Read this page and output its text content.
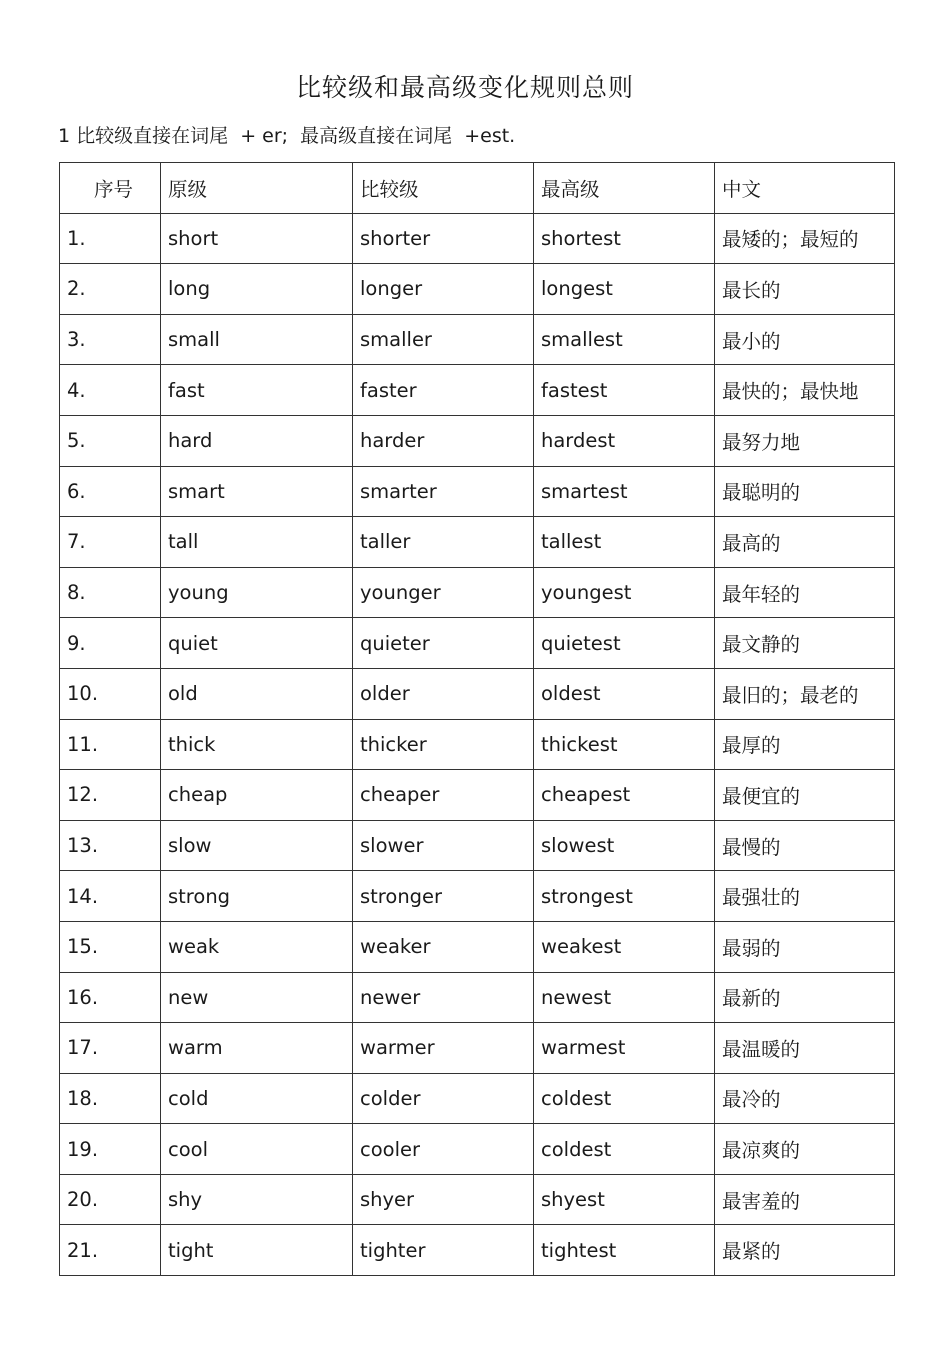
比较级和最高级变化规则总则
1 比较级直接在词尾  + er;  最高级直接在词尾  +est.
序号	原级	比较级	最高级	中文
1.	short	shorter	shortest	最矮的；最短的
2.	long	longer	longest	最长的
3.	small	smaller	smallest	最小的
4.	fast	faster	fastest	最快的；最快地
5.	hard	harder	hardest	最努力地
6.	smart	smarter	smartest	最聪明的
7.	tall	taller	tallest	最高的
8.	young	younger	youngest	最年轻的
9.	quiet	quieter	quietest	最文静的
10.	old	older	oldest	最旧的；最老的
11.	thick	thicker	thickest	最厚的
12.	cheap	cheaper	cheapest	最便宜的
13.	slow	slower	slowest	最慢的
14.	strong	stronger	strongest	最强壮的
15.	weak	weaker	weakest	最弱的
16.	new	newer	newest	最新的
17.	warm	warmer	warmest	最温暖的
18.	cold	colder	coldest	最冷的
19.	cool	cooler	coldest	最凉爽的
20.	shy	shyer	shyest	最害羞的
21.	tight	tighter	tightest	最紧的
